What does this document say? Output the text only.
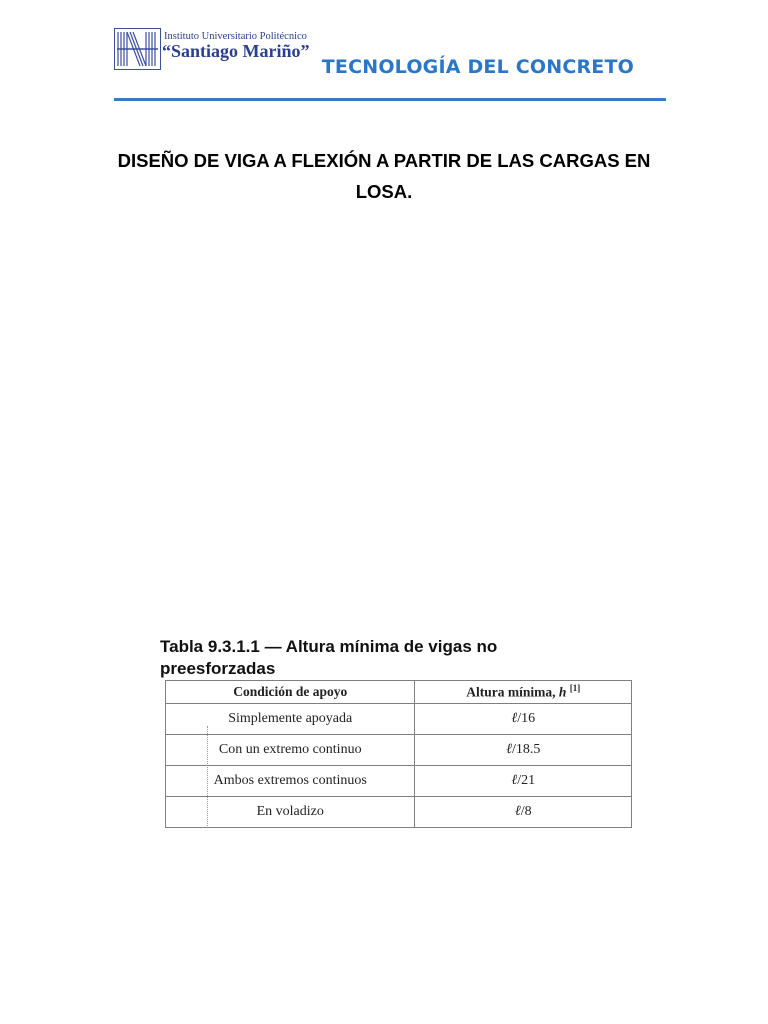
Instituto Universitario Politécnico
“Santiago Mariño”
TECNOLOGÍA DEL CONCRETO
DISEÑO DE VIGA A FLEXIÓN A PARTIR DE LAS CARGAS EN LOSA.
Tabla 9.3.1.1 — Altura mínima de vigas no preesforzadas
Condición de apoyo	Altura mínima, h [1]
Simplemente apoyada	ℓ/16
Con un extremo continuo	ℓ/18.5
Ambos extremos continuos	ℓ/21
En voladizo	ℓ/8
